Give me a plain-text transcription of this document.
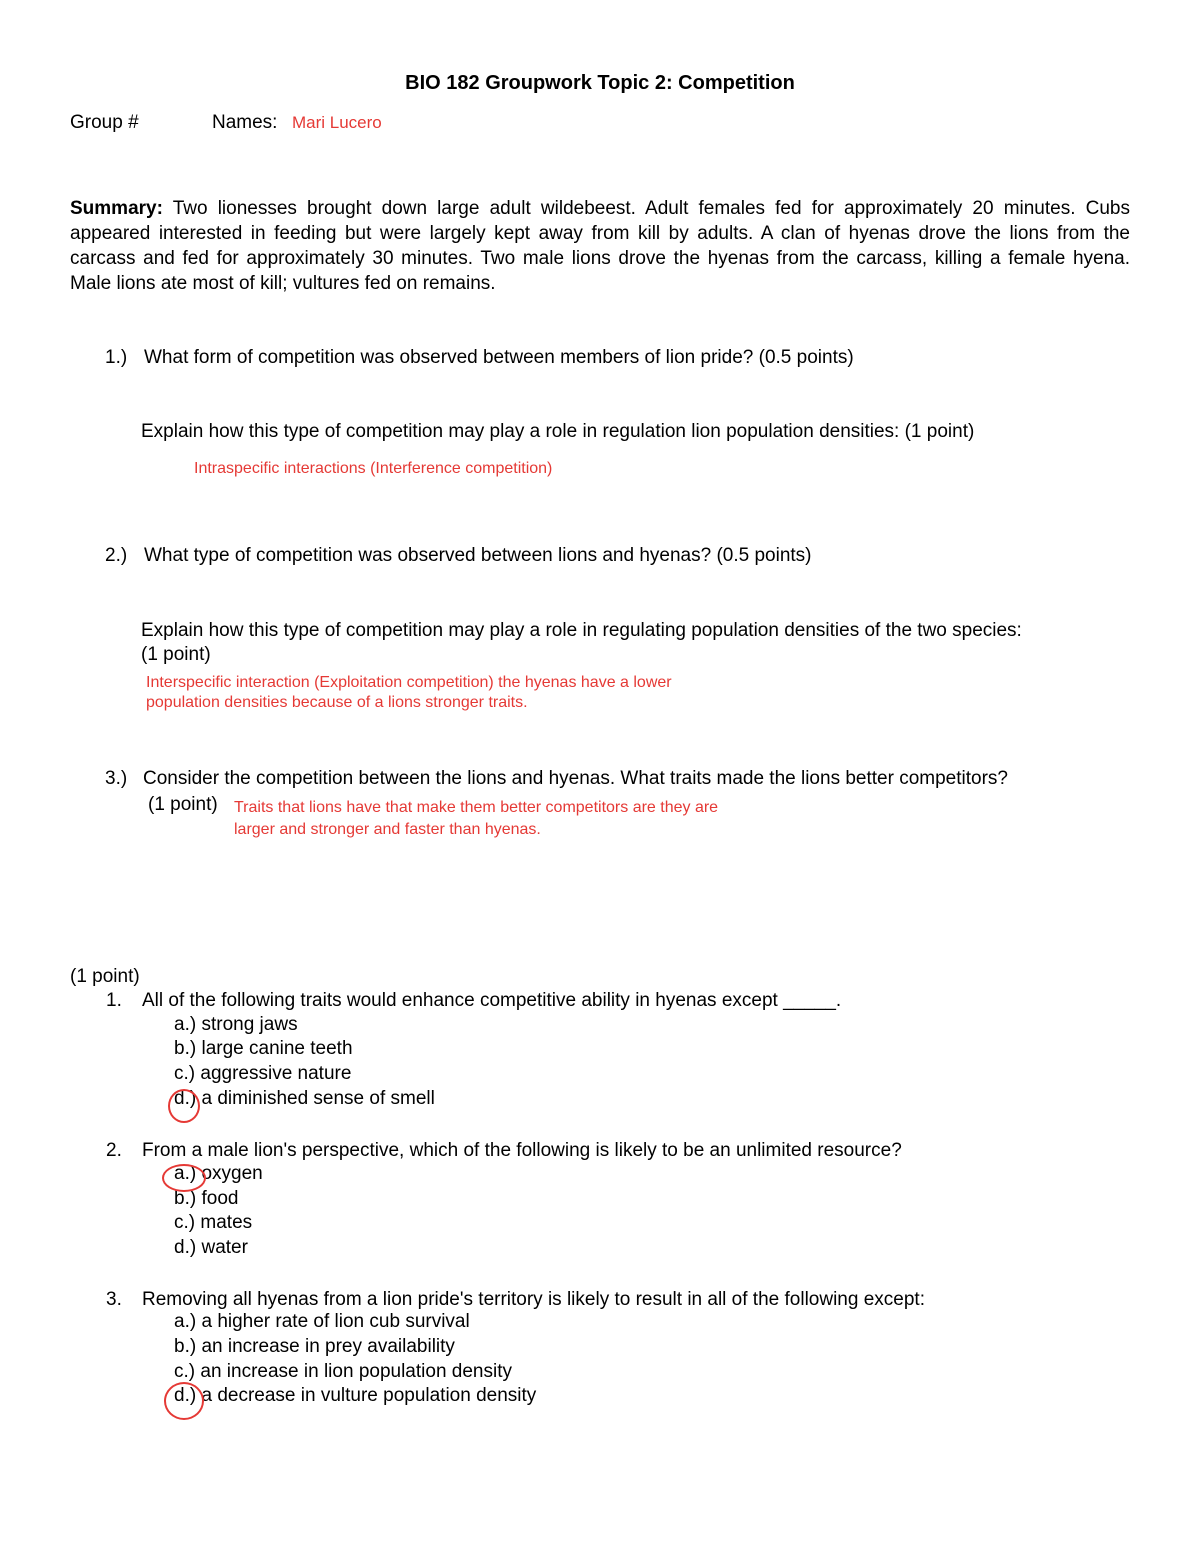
BIO 182 Groupwork Topic 2: Competition
Group #	Names: Mari Lucero
Summary: Two lionesses brought down large adult wildebeest. Adult females fed for approximately 20 minutes. Cubs appeared interested in feeding but were largely kept away from kill by adults. A clan of hyenas drove the lions from the carcass and fed for approximately 30 minutes. Two male lions drove the hyenas from the carcass, killing a female hyena. Male lions ate most of kill; vultures fed on remains.
1.) What form of competition was observed between members of lion pride? (0.5 points)
Explain how this type of competition may play a role in regulation lion population densities: (1 point)
Intraspecific interactions (Interference competition)
2.) What type of competition was observed between lions and hyenas? (0.5 points)
Explain how this type of competition may play a role in regulating population densities of the two species:
(1 point)
Interspecific interaction (Exploitation competition) the hyenas have a lower
population densities because of a lions stronger traits.
3.) Consider the competition between the lions and hyenas. What traits made the lions better competitors?
(1 point) Traits that lions have that make them better competitors are they are
larger and stronger and faster than hyenas.
(1 point)
1. All of the following traits would enhance competitive ability in hyenas except _____.
a.) strong jaws
b.) large canine teeth
c.) aggressive nature
d.) a diminished sense of smell
2. From a male lion's perspective, which of the following is likely to be an unlimited resource?
a.) oxygen
b.) food
c.) mates
d.) water
3. Removing all hyenas from a lion pride's territory is likely to result in all of the following except:
a.) a higher rate of lion cub survival
b.) an increase in prey availability
c.) an increase in lion population density
d.) a decrease in vulture population density
